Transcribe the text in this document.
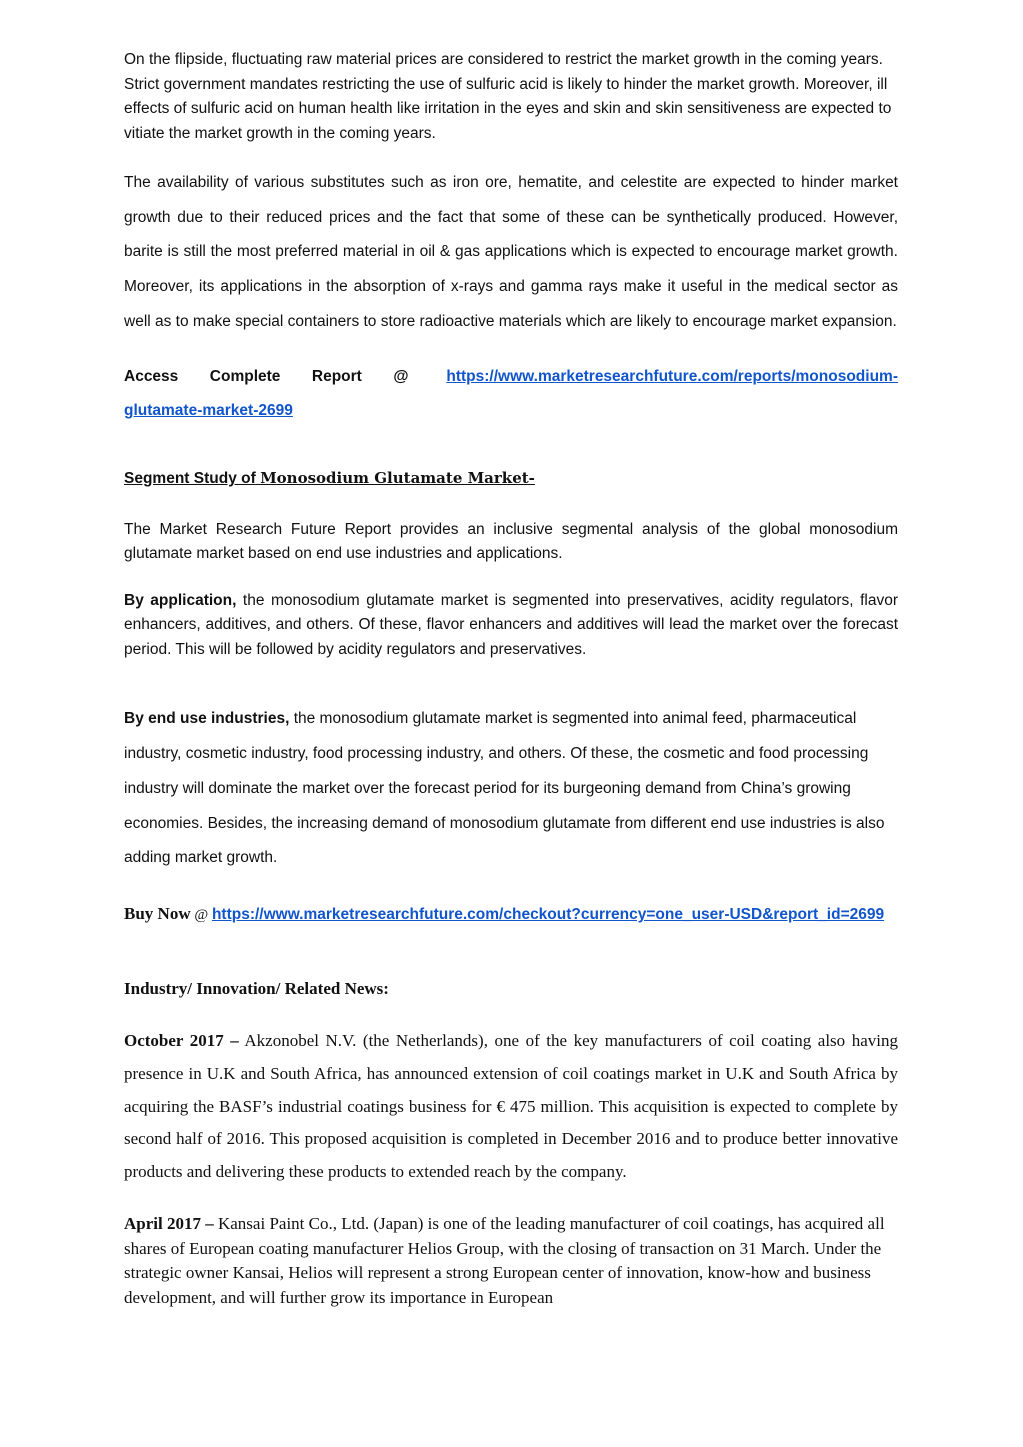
On the flipside, fluctuating raw material prices are considered to restrict the market growth in the coming years. Strict government mandates restricting the use of sulfuric acid is likely to hinder the market growth. Moreover, ill effects of sulfuric acid on human health like irritation in the eyes and skin and skin sensitiveness are expected to vitiate the market growth in the coming years.

The availability of various substitutes such as iron ore, hematite, and celestite are expected to hinder market growth due to their reduced prices and the fact that some of these can be synthetically produced. However, barite is still the most preferred material in oil & gas applications which is expected to encourage market growth. Moreover, its applications in the absorption of x-rays and gamma rays make it useful in the medical sector as well as to make special containers to store radioactive materials which are likely to encourage market expansion.

Access Complete Report @ https://www.marketresearchfuture.com/reports/monosodium-glutamate-market-2699

Segment Study of Monosodium Glutamate Market-

The Market Research Future Report provides an inclusive segmental analysis of the global monosodium glutamate market based on end use industries and applications.

By application, the monosodium glutamate market is segmented into preservatives, acidity regulators, flavor enhancers, additives, and others. Of these, flavor enhancers and additives will lead the market over the forecast period. This will be followed by acidity regulators and preservatives.

By end use industries, the monosodium glutamate market is segmented into animal feed, pharmaceutical industry, cosmetic industry, food processing industry, and others. Of these, the cosmetic and food processing industry will dominate the market over the forecast period for its burgeoning demand from China’s growing economies. Besides, the increasing demand of monosodium glutamate from different end use industries is also adding market growth.

Buy Now @ https://www.marketresearchfuture.com/checkout?currency=one_user-USD&report_id=2699

Industry/ Innovation/ Related News:

October 2017 – Akzonobel N.V. (the Netherlands), one of the key manufacturers of coil coating also having presence in U.K and South Africa, has announced extension of coil coatings market in U.K and South Africa by acquiring the BASF’s industrial coatings business for € 475 million. This acquisition is expected to complete by second half of 2016. This proposed acquisition is completed in December 2016 and to produce better innovative products and delivering these products to extended reach by the company.

April 2017 – Kansai Paint Co., Ltd. (Japan) is one of the leading manufacturer of coil coatings, has acquired all shares of European coating manufacturer Helios Group, with the closing of transaction on 31 March. Under the strategic owner Kansai, Helios will represent a strong European center of innovation, know-how and business development, and will further grow its importance in European
